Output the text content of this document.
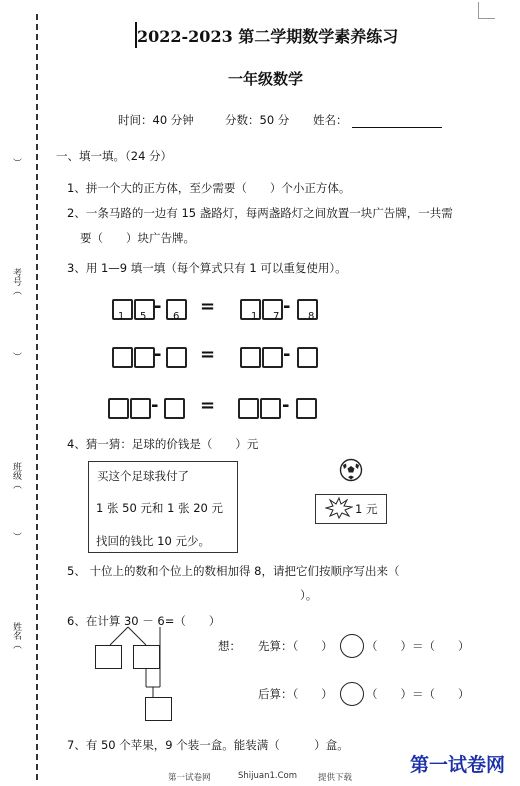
）
考号（
）
班级（
）
姓名（
2022-2023 第二学期数学素养练习
一年级数学
时间：40 分钟	分数：50 分 姓名：
一、填一填。（24 分）
1、拼一个大的正方体，至少需要（　　）个小正方体。
2、一条马路的一边有 15 盏路灯，每两盏路灯之间放置一块广告牌，一共需
要（　　）块广告牌。
3、用 1—9 填一填（每个算式只有 1 可以重复使用）。
1 5 - 6 =	1 7 - 8
- =	-
- =	-
4、猜一猜：足球的价钱是（　　）元
买这个足球我付了
1 张 50 元和 1 张 20 元
找回的钱比 10 元少。
1 元
5、 十位上的数和个位上的数相加得 8，请把它们按顺序写出来（
）。
6、在计算 30 － 6=（　　）
想： 先算：（　　）	（　　）＝（　　）
后算：（　　）	（　　）＝（　　）
7、有 50 个苹果，9 个装一盒。能装满（　　　）盒。
第一试卷网	Shijuan1.Com 提供下载
第一试卷网
